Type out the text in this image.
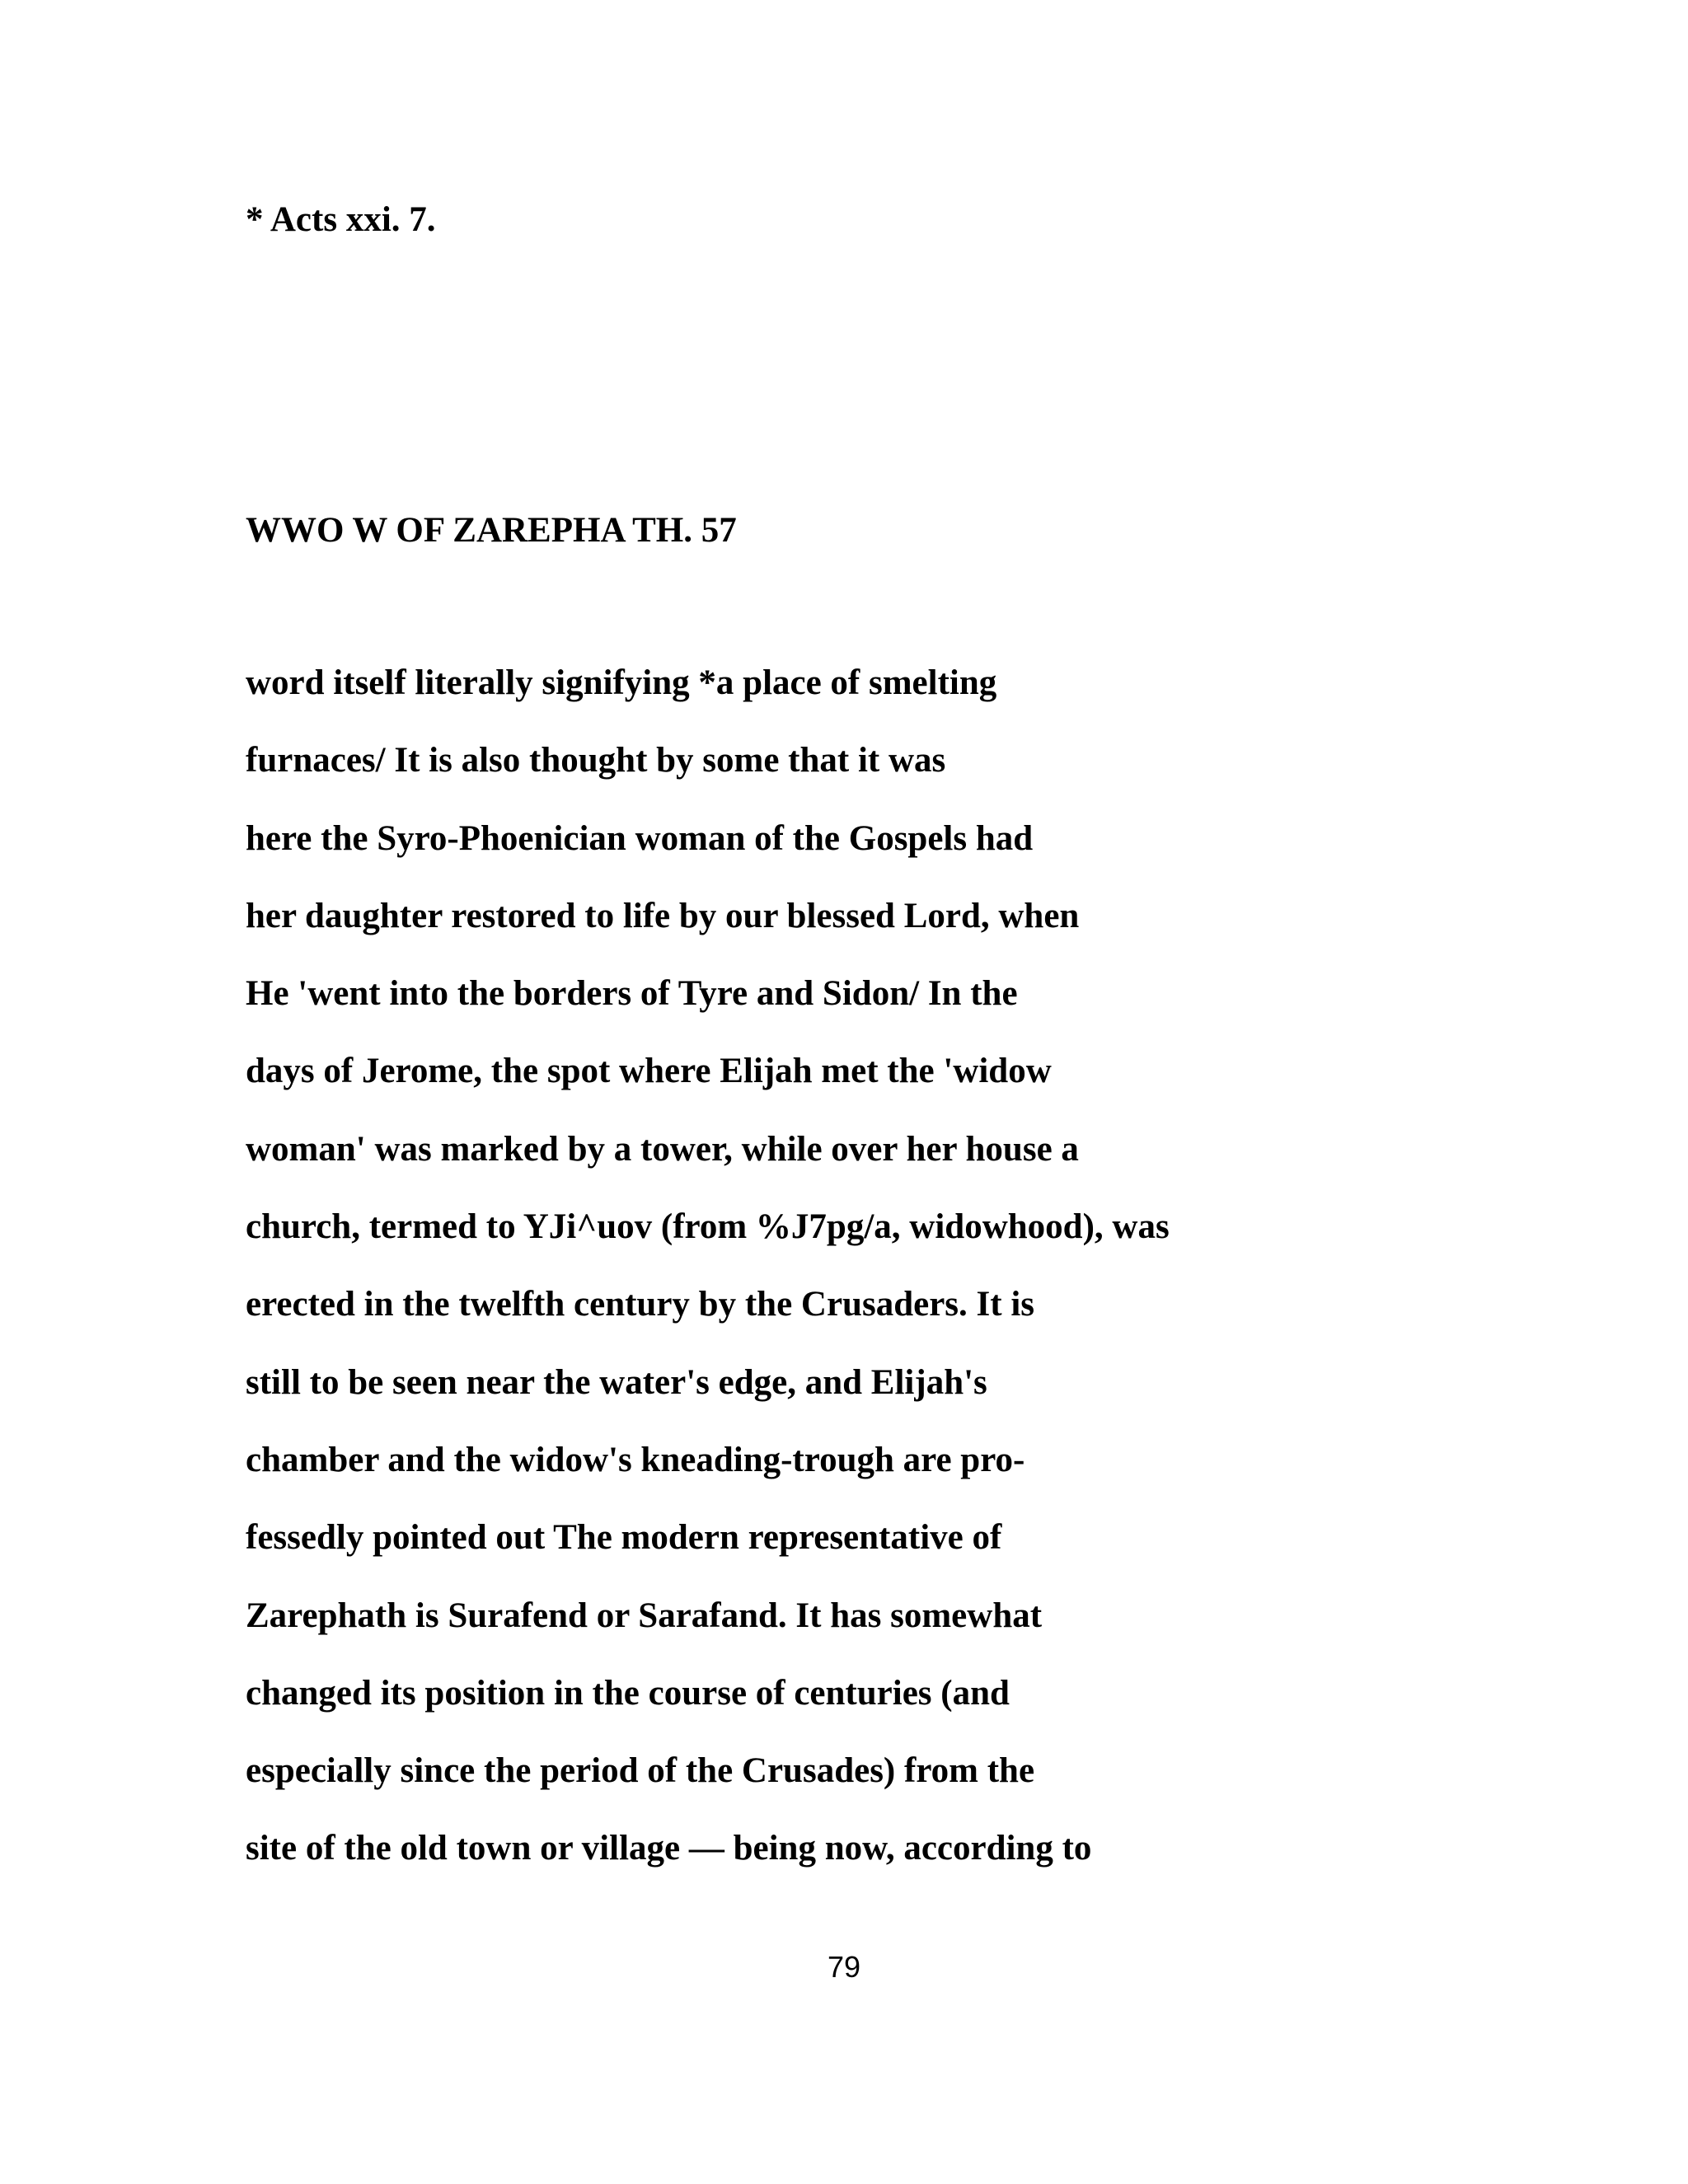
* Acts xxi. 7.

WWO W OF ZAREPHA TH. 57

word itself literally signifying *a place of smelting
furnaces/ It is also thought by some that it was
here the Syro-Phoenician woman of the Gospels had
her daughter restored to life by our blessed Lord, when
He 'went into the borders of Tyre and Sidon/ In the
days of Jerome, the spot where Elijah met the 'widow
woman' was marked by a tower, while over her house a
church, termed to YJi^uov (from %J7pg/a, widowhood), was
erected in the twelfth century by the Crusaders. It is
still to be seen near the water's edge, and Elijah's
chamber and the widow's kneading-trough are pro-
fessedly pointed out The modern representative of
Zarephath is Surafend or Sarafand. It has somewhat
changed its position in the course of centuries (and
especially since the period of the Crusades) from the
site of the old town or village — being now, according to
79
